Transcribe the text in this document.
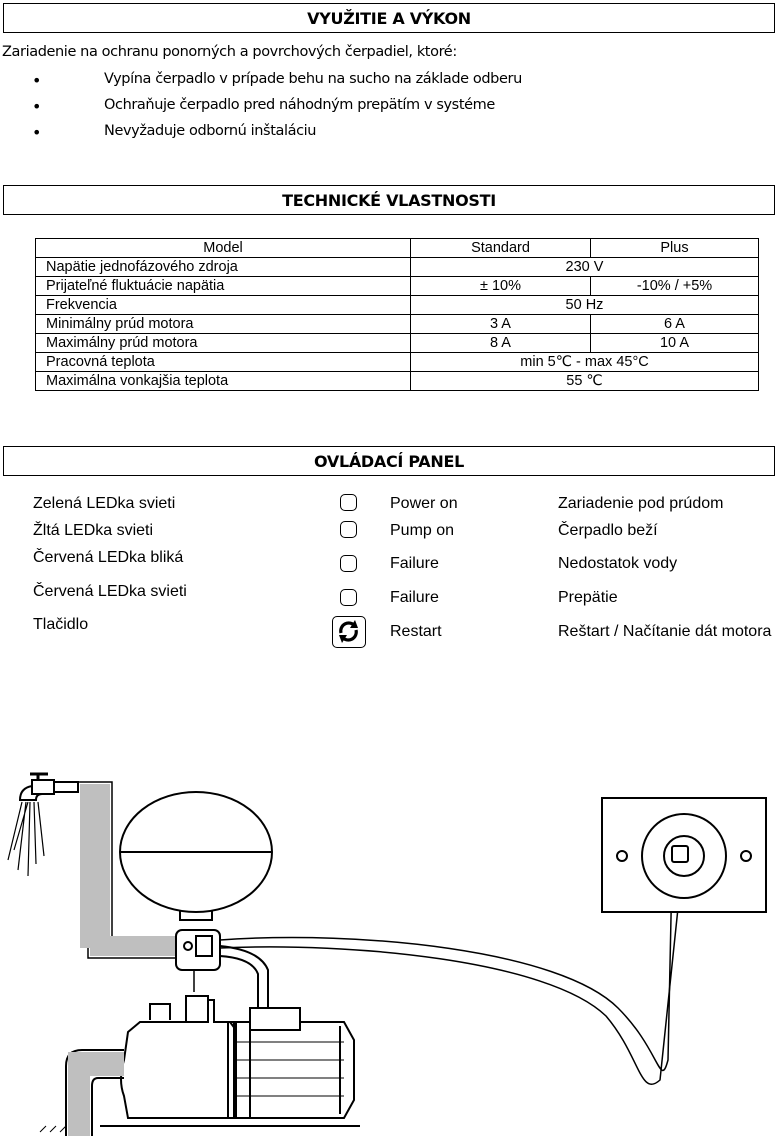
VYUŽITIE A VÝKON
Zariadenie na ochranu ponorných a povrchových čerpadiel, ktoré:
•	Vypína čerpadlo v prípade behu na sucho na základe odberu
•	Ochraňuje čerpadlo pred náhodným prepätím v systéme
•	Nevyžaduje odbornú inštaláciu
TECHNICKÉ VLASTNOSTI
Model	Standard	Plus
Napätie jednofázového zdroja	230 V	
Prijateľné fluktuácie napätia	± 10%	-10% / +5%
Frekvencia	50 Hz	
Minimálny prúd motora	3 A	6 A
Maximálny prúd motora	8 A	10 A
Pracovná teplota	min 5℃ - max 45°C	
Maximálna vonkajšia teplota	55 ℃	
OVLÁDACÍ PANEL
Zelená LEDka svieti	Power on	Zariadenie pod prúdom
Žltá LEDka svieti	Pump on	Čerpadlo beží
Červená LEDka bliká	Failure	Nedostatok vody
Červená LEDka svieti	Failure	Prepätie
Tlačidlo	Restart	Reštart / Načítanie dát motora
